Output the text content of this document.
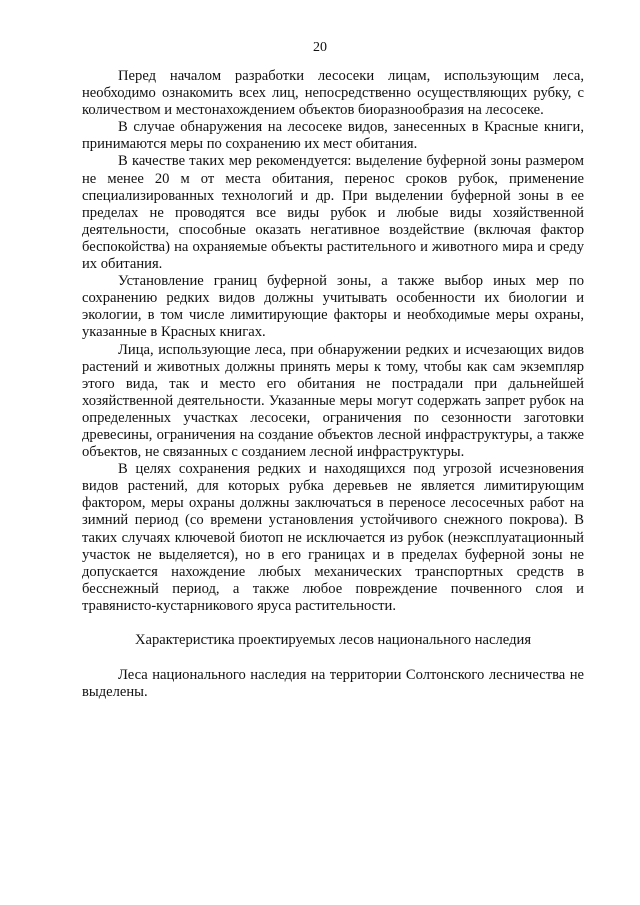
20

Перед началом разработки лесосеки лицам, использующим леса, необходимо ознакомить всех лиц, непосредственно осуществляющих рубку, с количеством и местонахождением объектов биоразнообразия на лесосеке.

В случае обнаружения на лесосеке видов, занесенных в Красные книги, принимаются меры по сохранению их мест обитания.

В качестве таких мер рекомендуется: выделение буферной зоны размером не менее 20 м от места обитания, перенос сроков рубок, применение специализированных технологий и др. При выделении буферной зоны в ее пределах не проводятся все виды рубок и любые виды хозяйственной деятельности, способные оказать негативное воздействие (включая фактор беспокойства) на охраняемые объекты растительного и животного мира и среду их обитания.

Установление границ буферной зоны, а также выбор иных мер по сохранению редких видов должны учитывать особенности их биологии и экологии, в том числе лимитирующие факторы и необходимые меры охраны, указанные в Красных книгах.

Лица, использующие леса, при обнаружении редких и исчезающих видов растений и животных должны принять меры к тому, чтобы как сам экземпляр этого вида, так и место его обитания не пострадали при дальнейшей хозяйственной деятельности. Указанные меры могут содержать запрет рубок на определенных участках лесосеки, ограничения по сезонности заготовки древесины, ограничения на создание объектов лесной инфраструктуры, а также объектов, не связанных с созданием лесной инфраструктуры.

В целях сохранения редких и находящихся под угрозой исчезновения видов растений, для которых рубка деревьев не является лимитирующим фактором, меры охраны должны заключаться в переносе лесосечных работ на зимний период (со времени установления устойчивого снежного покрова). В таких случаях ключевой биотоп не исключается из рубок (неэксплуатационный участок не выделяется), но в его границах и в пределах буферной зоны не допускается нахождение любых механических транспортных средств в бесснежный период, а также любое повреждение почвенного слоя и травянисто-кустарникового яруса растительности.

Характеристика проектируемых лесов национального наследия

Леса национального наследия на территории Солтонского лесничества не выделены.
